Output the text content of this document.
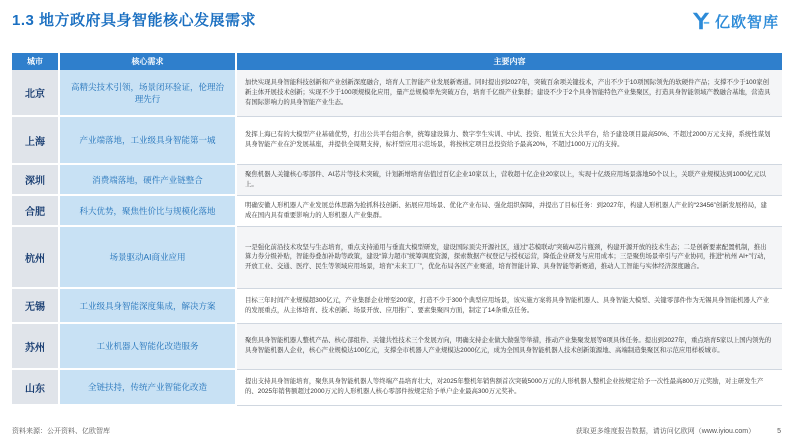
1.3 地方政府具身智能核心发展需求	亿欧智库
城市	核心需求	主要内容
北京	高精尖技术引领，场景闭环验证，伦理治理先行	加快实现具身智能科技创新和产业创新深度融合，培育人工智能产业发展新赛道。同时提出到2027年，突破百余项关键技术，产出不少于10项国际领先的软硬件产品；支撑不少于100家创新主体开展技术创新；实现不少于100项规模化应用，量产总规模率先突破万台，培育千亿级产业集群；建设不少于2个具身智能特色产业集聚区，打造具身智能领域产教融合基地，营造具有国际影响力的具身智能产业生态。
上海	产业端落地，工业级具身智能第一城	发挥上海已有的大模型产业基础优势，打出公共平台组合拳，统筹建设算力、数字孪生实训、中试、投资、租赁五大公共平台，给予建设项目最高50%、不超过2000万元支持，系统性谋划具身智能产业在沪发展基座，并提供全周期支持，标杆型应用示范场景，将按核定项目总投资给予最高20%，不超过1000万元的支持。
深圳	消费端落地，硬件产业链整合	聚焦机器人关键核心零部件、AI芯片等技术突破，计划新增培育估值过百亿企业10家以上，营收超十亿企业20家以上，实现十亿级应用场景落地50个以上，关联产业规模达到1000亿元以上。
合肥	科大优势，聚焦性价比与规模化落地	明确安徽人形机器人产业发展总体思路为抢抓科技创新、拓展应用场景、优化产业布局、强化组织保障，并提出了目标任务：到2027年，构建人形机器人产业的“23456”创新发展格局，建成在国内具有重要影响力的人形机器人产业集群。
杭州	场景驱动AI商业应用	一是强化前沿技术攻坚与生态培育，重点支持通用与垂直大模型研发，建设国际顶尖开源社区，通过“芯模联动”突破AI芯片瓶颈，构建开源开放的技术生态；二是创新要素配置机制，推出算力券分级补贴，智能券叠加补助等政策，建设“算力超市”统筹调度资源，探索数据产权登记与授权运营，降低企业研发与应用成本；三是聚焦场景牵引与产业协同，推进“杭州 AI+”行动，开放工业、交通、医疗、民生等领域应用场景，培育“未来工厂”，优化布局各区产业赛道，培育智能计算、具身智能等新赛道，推动人工智能与实体经济深度融合。
无锡	工业级具身智能深度集成，解决方案	目标三年时间产业规模超300亿元，产业集群企业增至200家，打造不少于300个典型应用场景，该实施方案将具身智能机器人、具身智能大模型、关键零部件作为无锡具身智能机器人产业的发展重点，从主体培育、技术创新、场景开放、应用推广、要素集聚四方面，制定了14条重点任务。
苏州	工业机器人智能化改造服务	聚焦具身智能机器人整机产品、核心部组件、关键共性技术三个发展方向，明确支持企业做大做强等举措，推动产业集聚发展等8项具体任务。提出到2027年，重点培育5家以上国内领先的具身智能机器人企业，核心产业规模达100亿元，支撑全市机器人产业规模达2000亿元，成为全国具身智能机器人技术创新策源地、高端制造集聚区和示范应用样板城市。
山东	全链扶持，传统产业智能化改造	提出支持具身智能培育，聚焦具身智能机器人等终端产品培育壮大，对2025年整机年销售额首次突破5000万元的人形机器人整机企业按规定给予一次性最高800万元奖励，对主研发生产的、2025年销售额超过2000万元的人形机器人核心零部件按规定给予单户企业最高300万元奖补。
资料来源：公开资料、亿欧智库	获取更多维度报告数据，请访问亿欧网（www.iyiou.com）	5
